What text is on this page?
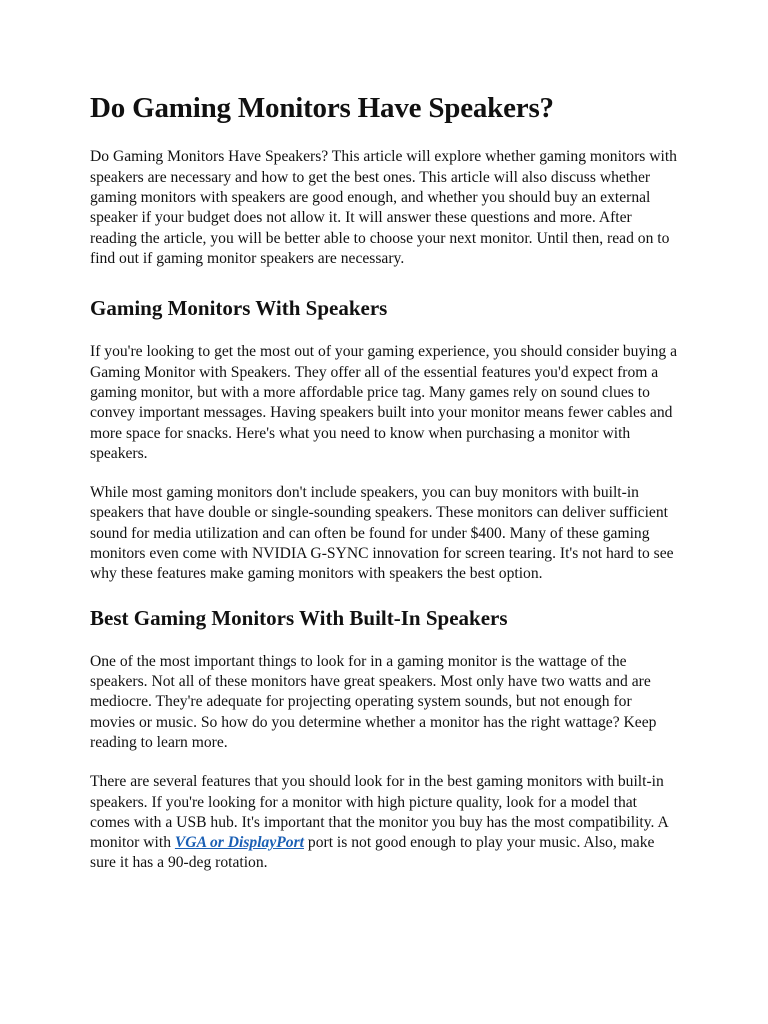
Do Gaming Monitors Have Speakers?

Do Gaming Monitors Have Speakers? This article will explore whether gaming monitors with speakers are necessary and how to get the best ones. This article will also discuss whether gaming monitors with speakers are good enough, and whether you should buy an external speaker if your budget does not allow it. It will answer these questions and more. After reading the article, you will be better able to choose your next monitor. Until then, read on to find out if gaming monitor speakers are necessary.

Gaming Monitors With Speakers

If you're looking to get the most out of your gaming experience, you should consider buying a Gaming Monitor with Speakers. They offer all of the essential features you'd expect from a gaming monitor, but with a more affordable price tag. Many games rely on sound clues to convey important messages. Having speakers built into your monitor means fewer cables and more space for snacks. Here's what you need to know when purchasing a monitor with speakers.

While most gaming monitors don't include speakers, you can buy monitors with built-in speakers that have double or single-sounding speakers. These monitors can deliver sufficient sound for media utilization and can often be found for under $400. Many of these gaming monitors even come with NVIDIA G-SYNC innovation for screen tearing. It's not hard to see why these features make gaming monitors with speakers the best option.

Best Gaming Monitors With Built-In Speakers

One of the most important things to look for in a gaming monitor is the wattage of the speakers. Not all of these monitors have great speakers. Most only have two watts and are mediocre. They're adequate for projecting operating system sounds, but not enough for movies or music. So how do you determine whether a monitor has the right wattage? Keep reading to learn more.

There are several features that you should look for in the best gaming monitors with built-in speakers. If you're looking for a monitor with high picture quality, look for a model that comes with a USB hub. It's important that the monitor you buy has the most compatibility. A monitor with VGA or DisplayPort port is not good enough to play your music. Also, make sure it has a 90-deg rotation.
